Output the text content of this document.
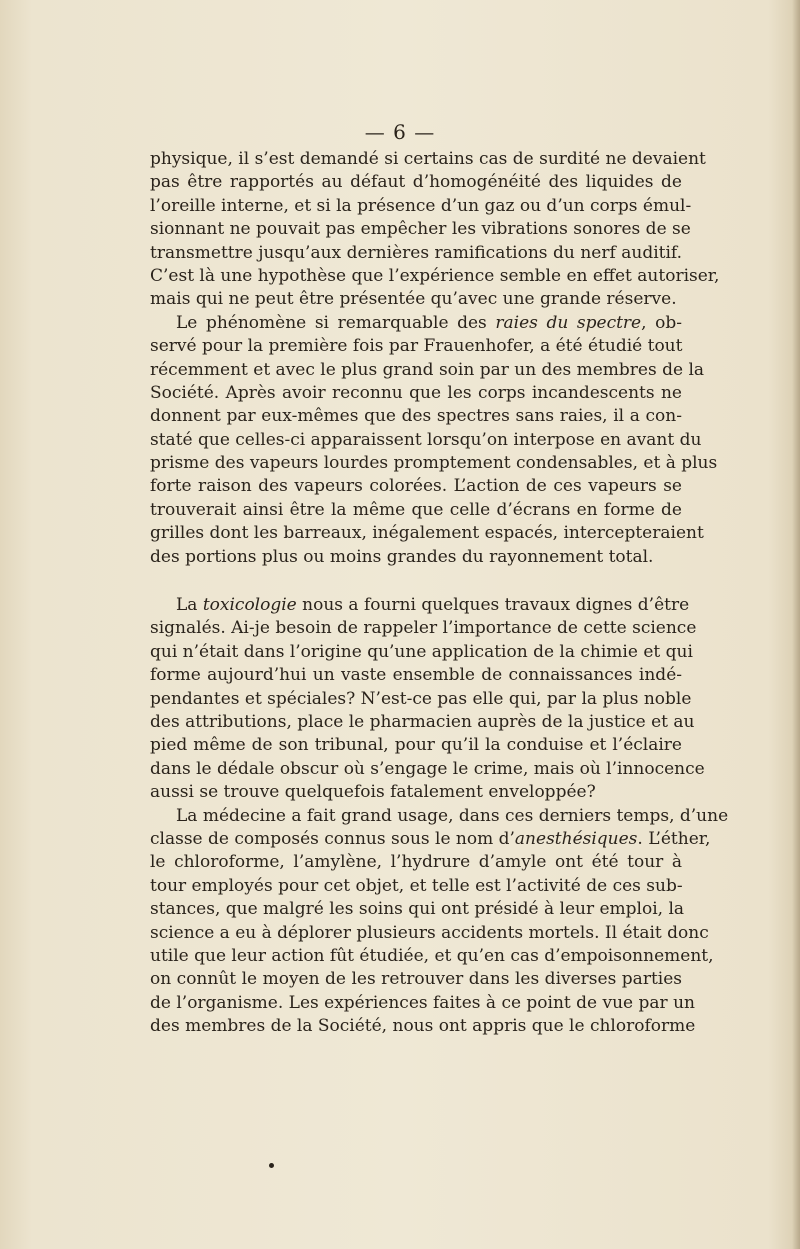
— 6 —
physique, il s’est demandé si certains cas de surdité ne devaient
pas être rapportés au défaut d’homogénéité des liquides de
l’oreille interne, et si la présence d’un gaz ou d’un corps émul-
sionnant ne pouvait pas empêcher les vibrations sonores de se
transmettre jusqu’aux dernières ramifications du nerf auditif.
C’est là une hypothèse que l’expérience semble en effet autoriser,
mais qui ne peut être présentée qu’avec une grande réserve.
Le phénomène si remarquable des raies du spectre, ob-
servé pour la première fois par Frauenhofer, a été étudié tout
récemment et avec le plus grand soin par un des membres de la
Société. Après avoir reconnu que les corps incandescents ne
donnent par eux-mêmes que des spectres sans raies, il a con-
staté que celles-ci apparaissent lorsqu’on interpose en avant du
prisme des vapeurs lourdes promptement condensables, et à plus
forte raison des vapeurs colorées. L’action de ces vapeurs se
trouverait ainsi être la même que celle d’écrans en forme de
grilles dont les barreaux, inégalement espacés, intercepteraient
des portions plus ou moins grandes du rayonnement total.
La toxicologie nous a fourni quelques travaux dignes d’être
signalés. Ai-je besoin de rappeler l’importance de cette science
qui n’était dans l’origine qu’une application de la chimie et qui
forme aujourd’hui un vaste ensemble de connaissances indé-
pendantes et spéciales? N’est-ce pas elle qui, par la plus noble
des attributions, place le pharmacien auprès de la justice et au
pied même de son tribunal, pour qu’il la conduise et l’éclaire
dans le dédale obscur où s’engage le crime, mais où l’innocence
aussi se trouve quelquefois fatalement enveloppée?
La médecine a fait grand usage, dans ces derniers temps, d’une
classe de composés connus sous le nom d’anesthésiques. L’éther,
le chloroforme, l’amylène, l’hydrure d’amyle ont été tour à
tour employés pour cet objet, et telle est l’activité de ces sub-
stances, que malgré les soins qui ont présidé à leur emploi, la
science a eu à déplorer plusieurs accidents mortels. Il était donc
utile que leur action fût étudiée, et qu’en cas d’empoisonnement,
on connût le moyen de les retrouver dans les diverses parties
de l’organisme. Les expériences faites à ce point de vue par un
des membres de la Société, nous ont appris que le chloroforme
